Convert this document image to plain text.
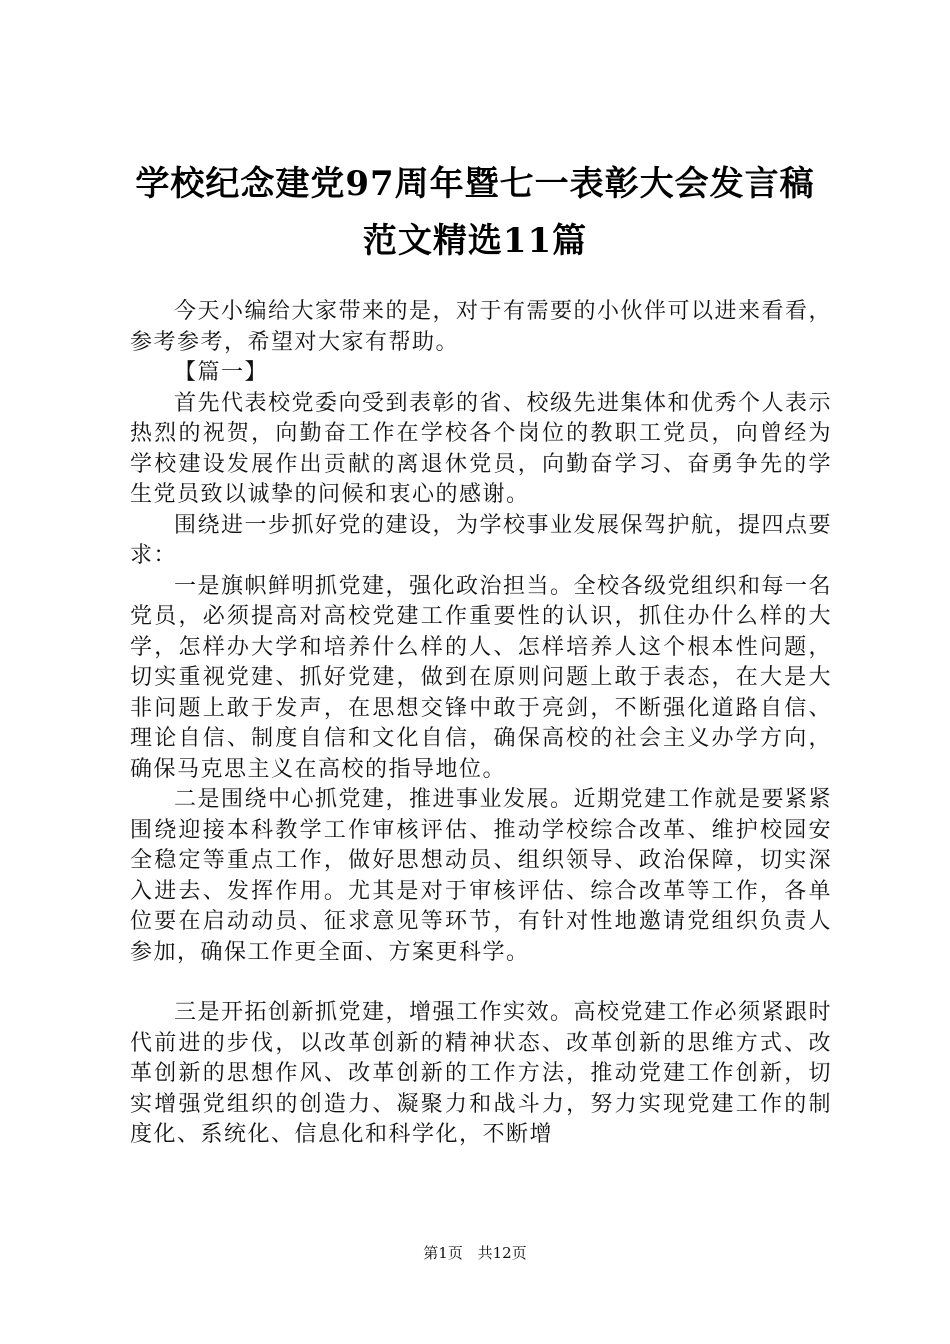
学校纪念建党97周年暨七一表彰大会发言稿
范文精选11篇

今天小编给大家带来的是，对于有需要的小伙伴可以进来看看，参考参考，希望对大家有帮助。

【篇一】

首先代表校党委向受到表彰的省、校级先进集体和优秀个人表示热烈的祝贺，向勤奋工作在学校各个岗位的教职工党员，向曾经为学校建设发展作出贡献的离退休党员，向勤奋学习、奋勇争先的学生党员致以诚挚的问候和衷心的感谢。

围绕进一步抓好党的建设，为学校事业发展保驾护航，提四点要求：

一是旗帜鲜明抓党建，强化政治担当。全校各级党组织和每一名党员，必须提高对高校党建工作重要性的认识，抓住办什么样的大学，怎样办大学和培养什么样的人、怎样培养人这个根本性问题，切实重视党建、抓好党建，做到在原则问题上敢于表态，在大是大非问题上敢于发声，在思想交锋中敢于亮剑，不断强化道路自信、理论自信、制度自信和文化自信，确保高校的社会主义办学方向，确保马克思主义在高校的指导地位。

二是围绕中心抓党建，推进事业发展。近期党建工作就是要紧紧围绕迎接本科教学工作审核评估、推动学校综合改革、维护校园安全稳定等重点工作，做好思想动员、组织领导、政治保障，切实深入进去、发挥作用。尤其是对于审核评估、综合改革等工作，各单位要在启动动员、征求意见等环节，有针对性地邀请党组织负责人参加，确保工作更全面、方案更科学。

三是开拓创新抓党建，增强工作实效。高校党建工作必须紧跟时代前进的步伐，以改革创新的精神状态、改革创新的思维方式、改革创新的思想作风、改革创新的工作方法，推动党建工作创新，切实增强党组织的创造力、凝聚力和战斗力，努力实现党建工作的制度化、系统化、信息化和科学化，不断增

第1页 共12页
